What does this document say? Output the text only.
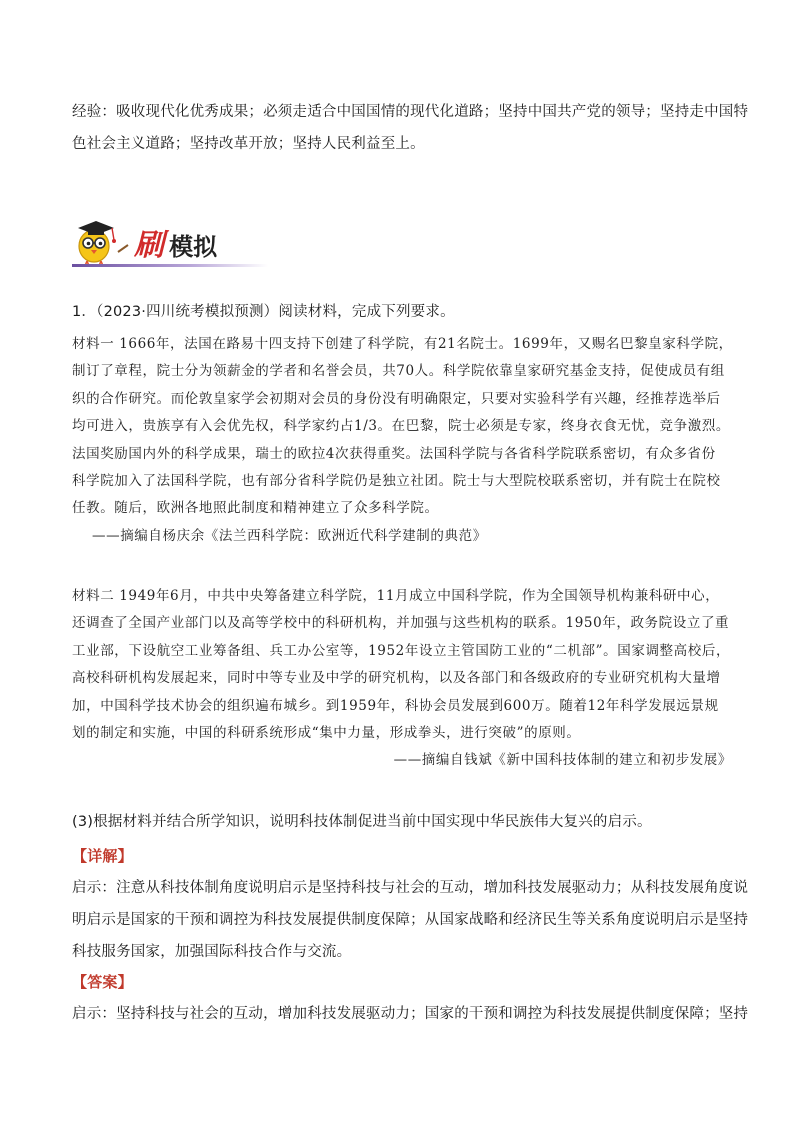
经验：吸收现代化优秀成果；必须走适合中国国情的现代化道路；坚持中国共产党的领导；坚持走中国特
色社会主义道路；坚持改革开放；坚持人民利益至上。
刷 模拟
1．（2023·四川统考模拟预测）阅读材料，完成下列要求。
材料一 1666年，法国在路易十四支持下创建了科学院，有21名院士。1699年，又赐名巴黎皇家科学院，
制订了章程，院士分为领薪金的学者和名誉会员，共70人。科学院依靠皇家研究基金支持，促使成员有组
织的合作研究。而伦敦皇家学会初期对会员的身份没有明确限定，只要对实验科学有兴趣，经推荐选举后
均可进入，贵族享有入会优先权，科学家约占1/3。在巴黎，院士必须是专家，终身衣食无忧，竞争激烈。
法国奖励国内外的科学成果，瑞士的欧拉4次获得重奖。法国科学院与各省科学院联系密切，有众多省份
科学院加入了法国科学院，也有部分省科学院仍是独立社团。院士与大型院校联系密切，并有院士在院校
任教。随后，欧洲各地照此制度和精神建立了众多科学院。
——摘编自杨庆余《法兰西科学院：欧洲近代科学建制的典范》
材料二 1949年6月，中共中央筹备建立科学院，11月成立中国科学院，作为全国领导机构兼科研中心，
还调查了全国产业部门以及高等学校中的科研机构，并加强与这些机构的联系。1950年，政务院设立了重
工业部，下设航空工业筹备组、兵工办公室等，1952年设立主管国防工业的“二机部”。国家调整高校后，
高校科研机构发展起来，同时中等专业及中学的研究机构，以及各部门和各级政府的专业研究机构大量增
加，中国科学技术协会的组织遍布城乡。到1959年，科协会员发展到600万。随着12年科学发展远景规
划的制定和实施，中国的科研系统形成“集中力量，形成拳头，进行突破”的原则。
——摘编自钱斌《新中国科技体制的建立和初步发展》
(3)根据材料并结合所学知识，说明科技体制促进当前中国实现中华民族伟大复兴的启示。
【详解】
启示：注意从科技体制角度说明启示是坚持科技与社会的互动，增加科技发展驱动力；从科技发展角度说
明启示是国家的干预和调控为科技发展提供制度保障；从国家战略和经济民生等关系角度说明启示是坚持
科技服务国家，加强国际科技合作与交流。
【答案】
启示：坚持科技与社会的互动，增加科技发展驱动力；国家的干预和调控为科技发展提供制度保障；坚持
